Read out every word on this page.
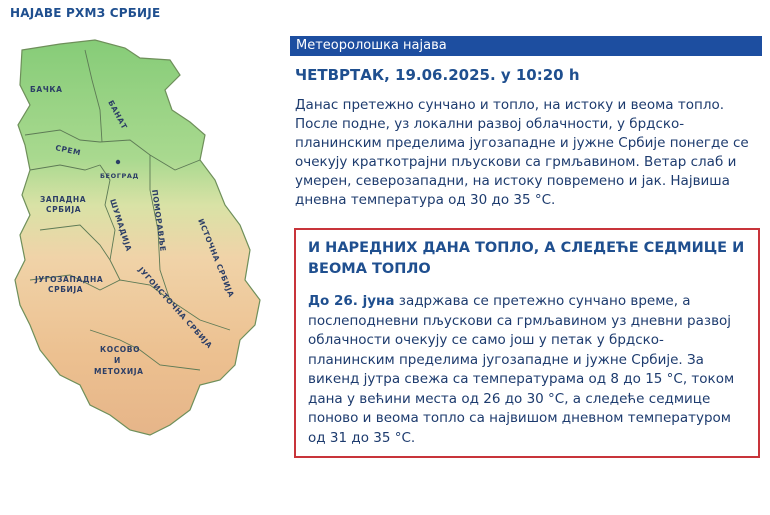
НАЈАВЕ РХМЗ СРБИЈЕ
БАЧКА
БАНАТ
СРЕМ
БЕОГРАД
ЗАПАДНА
СРБИЈА	ШУМАДИЈА ПОМОРАВЉЕ	ИСТОЧНА СРБИЈА
ЈУГОЗАПАДНА
СРБИЈА	ЈУГОИСТОЧНА СРБИЈА
КОСОВО
И
МЕТОХИЈА
Метеоролошка најава
ЧЕТВРТАК, 19.06.2025. у 10:20 h
Данас претежно сунчано и топло, на истоку и веома топло. После подне, уз локални развој облачности, у брдско-планинским пределима југозападне и јужне Србије понегде се очекују краткотрајни пљускови са грмљавином. Ветар слаб и умерен, северозападни, на истоку повремено и јак. Највиша дневна температура од 30 до 35 °C.
И НАРЕДНИХ ДАНА ТОПЛО, А СЛЕДЕЋЕ СЕДМИЦЕ И ВЕОМА ТОПЛО
До 26. јуна задржава се претежно сунчано време, а послеподневни пљускови са грмљавином уз дневни развој облачности очекују се само још у петак у брдско-планинским пределима југозападне и јужне Србије. За викенд јутра свежа са температурама од 8 до 15 °C, током дана у већини места од 26 до 30 °C, а следеће седмице поново и веома топло са највишом дневном температуром од 31 до 35 °C.
